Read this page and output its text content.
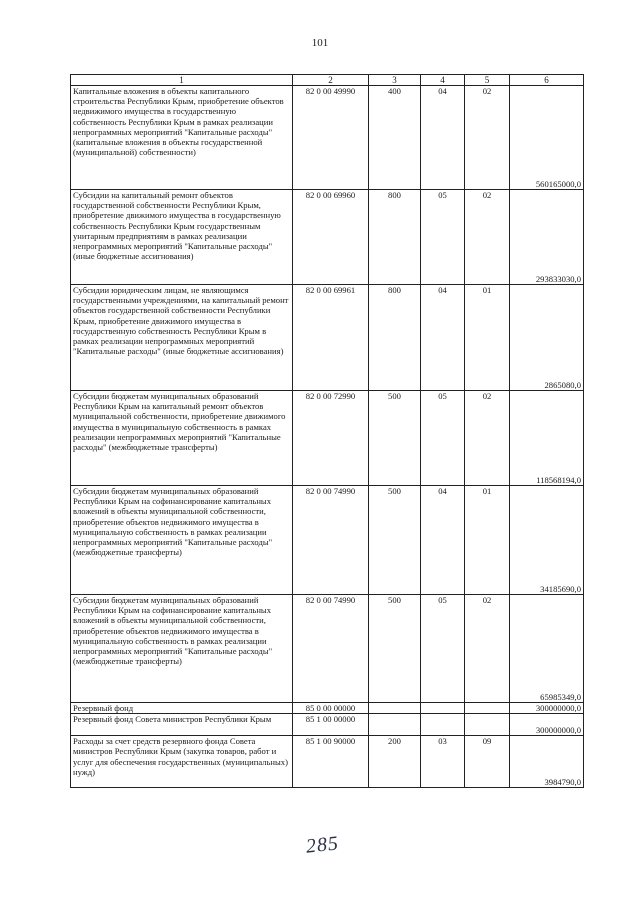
101
1	2	3	4	5	6
Капитальные вложения в объекты капитального строительства Республики Крым, приобретение объектов недвижимого имущества в государственную собственность Республики Крым в рамках реализации непрограммных мероприятий "Капитальные расходы" (капитальные вложения в объекты государственной (муниципальной) собственности)	82 0 00 49990	400	04	02	560165000,0
Субсидии на капитальный ремонт объектов государственной собственности Республики Крым, приобретение движимого имущества в государственную собственность Республики Крым государственным унитарным предприятиям в рамках реализации непрограммных мероприятий "Капитальные расходы" (иные бюджетные ассигнования)	82 0 00 69960	800	05	02	293833030,0
Субсидии юридическим лицам, не являющимся государственными учреждениями, на капитальный ремонт объектов государственной собственности Республики Крым, приобретение движимого имущества в государственную собственность Республики Крым в рамках реализации непрограммных мероприятий "Капитальные расходы" (иные бюджетные ассигнования)	82 0 00 69961	800	04	01	2865080,0
Субсидии бюджетам муниципальных образований Республики Крым на капитальный ремонт объектов муниципальной собственности, приобретение движимого имущества в муниципальную собственность в рамках реализации непрограммных мероприятий "Капитальные расходы" (межбюджетные трансферты)	82 0 00 72990	500	05	02	118568194,0
Субсидии бюджетам муниципальных образований Республики Крым на софинансирование капитальных вложений в объекты муниципальной собственности, приобретение объектов недвижимого имущества в муниципальную собственность в рамках реализации непрограммных мероприятий "Капитальные расходы" (межбюджетные трансферты)	82 0 00 74990	500	04	01	34185690,0
Субсидии бюджетам муниципальных образований Республики Крым на софинансирование капитальных вложений в объекты муниципальной собственности, приобретение объектов недвижимого имущества в муниципальную собственность в рамках реализации непрограммных мероприятий "Капитальные расходы" (межбюджетные трансферты)	82 0 00 74990	500	05	02	65985349,0
Резервный фонд	85 0 00 00000				300000000,0
Резервный фонд Совета министров Республики Крым	85 1 00 00000				300000000,0
Расходы за счет средств резервного фонда Совета министров Республики Крым (закупка товаров, работ и услуг для обеспечения государственных (муниципальных) нужд)	85 1 00 90000	200	03	09	3984790,0
285
